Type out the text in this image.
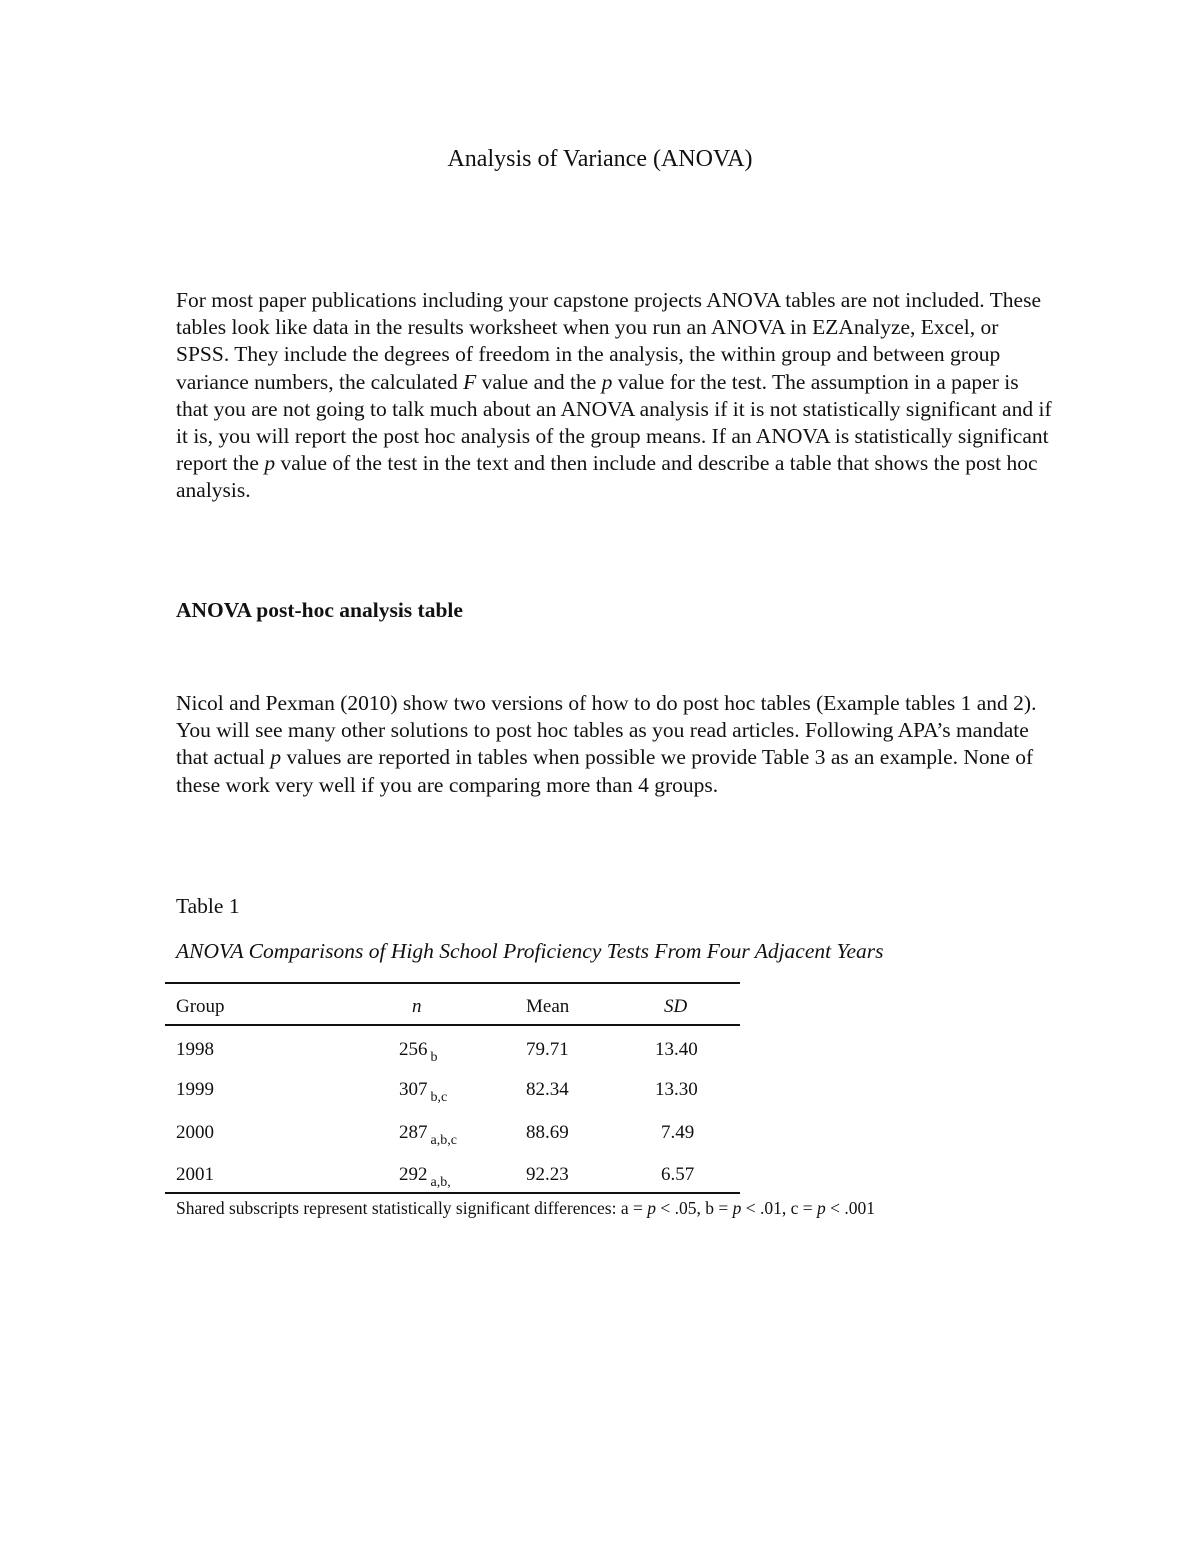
Analysis of Variance (ANOVA)

For most paper publications including your capstone projects ANOVA tables are not included. These tables look like data in the results worksheet when you run an ANOVA in EZAnalyze, Excel, or SPSS. They include the degrees of freedom in the analysis, the within group and between group variance numbers, the calculated F value and the p value for the test. The assumption in a paper is that you are not going to talk much about an ANOVA analysis if it is not statistically significant and if it is, you will report the post hoc analysis of the group means. If an ANOVA is statistically significant report the p value of the test in the text and then include and describe a table that shows the post hoc analysis.

ANOVA post-hoc analysis table

Nicol and Pexman (2010) show two versions of how to do post hoc tables (Example tables 1 and 2). You will see many other solutions to post hoc tables as you read articles. Following APA’s mandate that actual p values are reported in tables when possible we provide Table 3 as an example. None of these work very well if you are comparing more than 4 groups.

Table 1
ANOVA Comparisons of High School Proficiency Tests From Four Adjacent Years
Group	n	Mean	SD
1998	256 $_b$	79.71	13.40
1999	307 $_{b,c}$	82.34	13.30
2000	287 $_{a,b,c}$	88.69	7.49
2001	292 $_{a,b,}$	92.23	6.57
Shared subscripts represent statistically significant differences: a = p < .05, b = p < .01, c = p < .001
